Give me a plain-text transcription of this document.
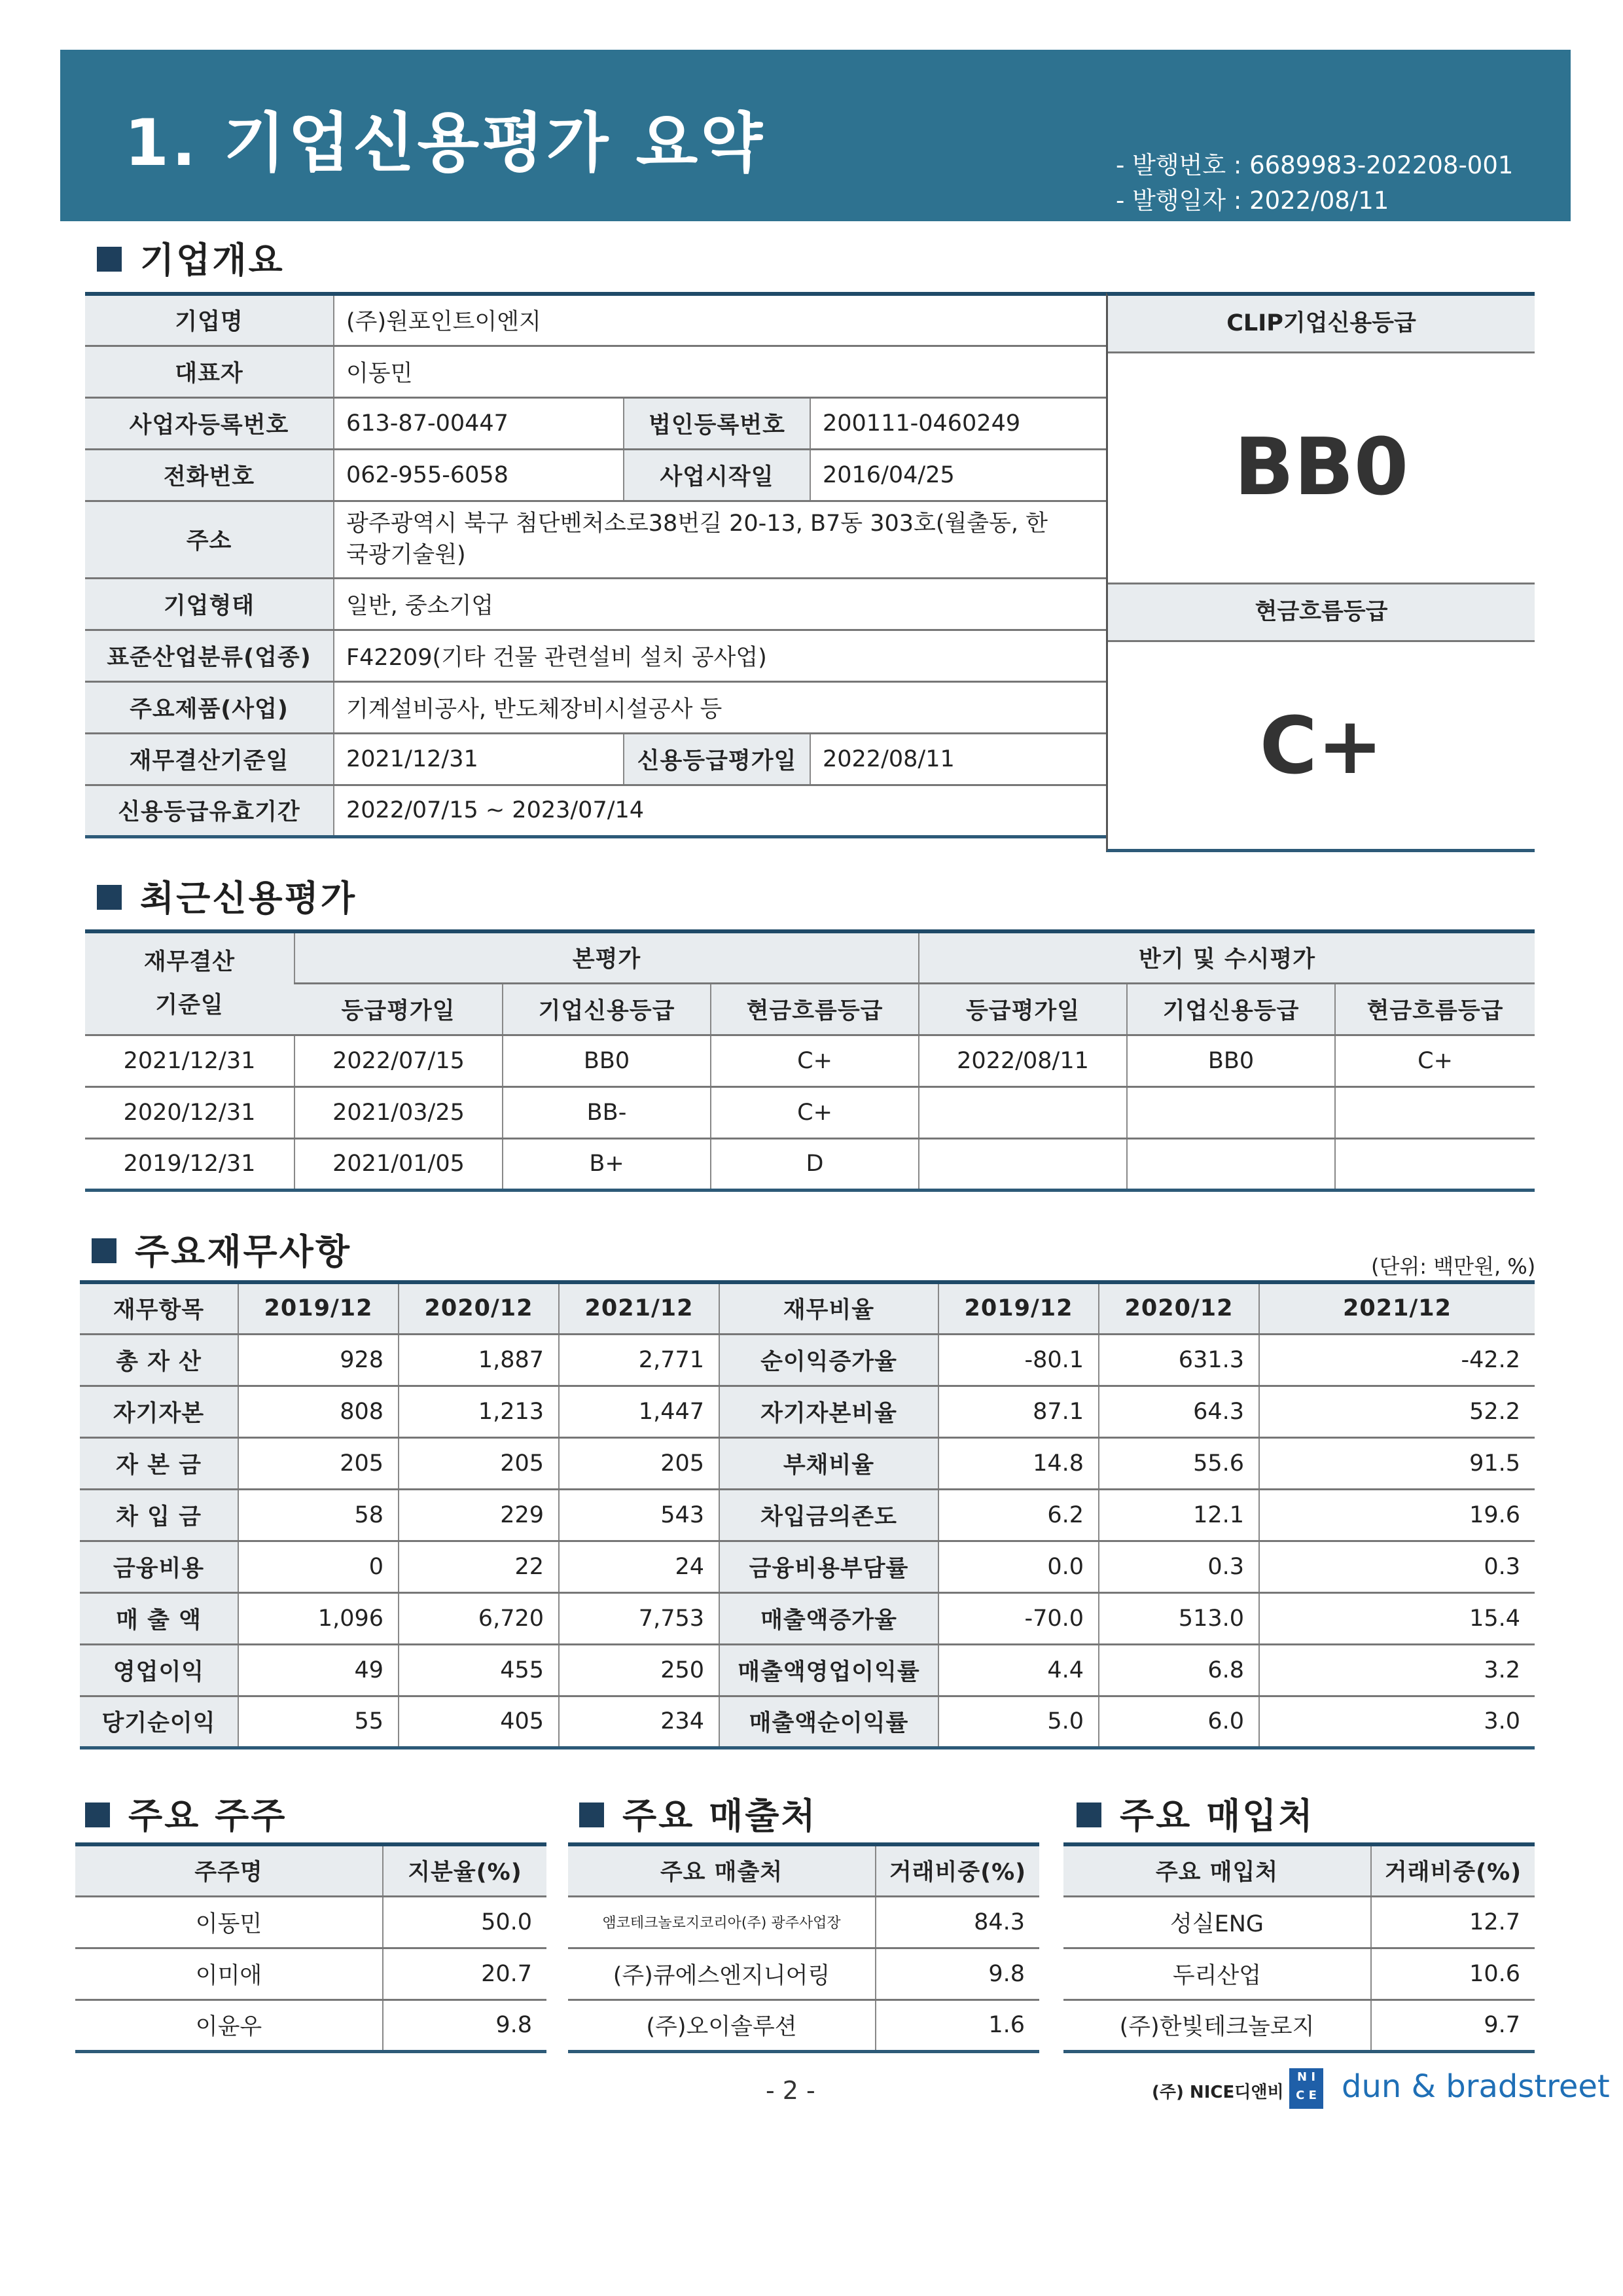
1. 기업신용평가 요약	- 발행번호 : 6689983-202208-001
- 발행일자 : 2022/08/11
기업개요
기업명	(주)원포인트이엔지		
대표자	이동민		
사업자등록번호	613-87-00447	법인등록번호	200111-0460249
전화번호	062-955-6058	사업시작일	2016/04/25
주소	광주광역시 북구 첨단벤처소로38번길 20-13, B7동 303호(월출동, 한
국광기술원)		

기업형태	일반, 중소기업		
표준산업분류(업종)	F42209(기타 건물 관련설비 설치 공사업)		
주요제품(사업)	기계설비공사, 반도체장비시설공사 등		
재무결산기준일	2021/12/31	신용등급평가일	2022/08/11
신용등급유효기간	2022/07/15 ~ 2023/07/14		
CLIP기업신용등급
BB0
현금흐름등급
C+
최근신용평가
재무결산
기준일	본평가			반기 및 수시평가		
	등급평가일	기업신용등급	현금흐름등급	등급평가일	기업신용등급	현금흐름등급
2021/12/31	2022/07/15	BB0	C+	2022/08/11	BB0	C+
2020/12/31	2021/03/25	BB-	C+			
2019/12/31	2021/01/05	B+	D			
주요재무사항	(단위: 백만원, %)
재무항목	2019/12	2020/12	2021/12	재무비율	2019/12	2020/12	2021/12
총 자 산	928	1,887	2,771	순이익증가율	-80.1	631.3	-42.2
자기자본	808	1,213	1,447	자기자본비율	87.1	64.3	52.2
자 본 금	205	205	205	부채비율	14.8	55.6	91.5
차 입 금	58	229	543	차입금의존도	6.2	12.1	19.6
금융비용	0	22	24	금융비용부담률	0.0	0.3	0.3
매 출 액	1,096	6,720	7,753	매출액증가율	-70.0	513.0	15.4
영업이익	49	455	250	매출액영업이익률	4.4	6.8	3.2
당기순이익	55	405	234	매출액순이익률	5.0	6.0	3.0
주요 주주	주요 매출처	주요 매입처
주주명	지분율(%)
이동민	50.0
이미애	20.7
이윤우	9.8
주요 매출처	거래비중(%)
앰코테크놀로지코리아(주) 광주사업장	84.3
(주)큐에스엔지니어링	9.8
(주)오이솔루션	1.6
주요 매입처	거래비중(%)
성실ENG	12.7
두리산업	10.6
(주)한빛테크놀로지	9.7
- 2 -	(주) NICE디앤비
N I
C E dun & bradstreet
